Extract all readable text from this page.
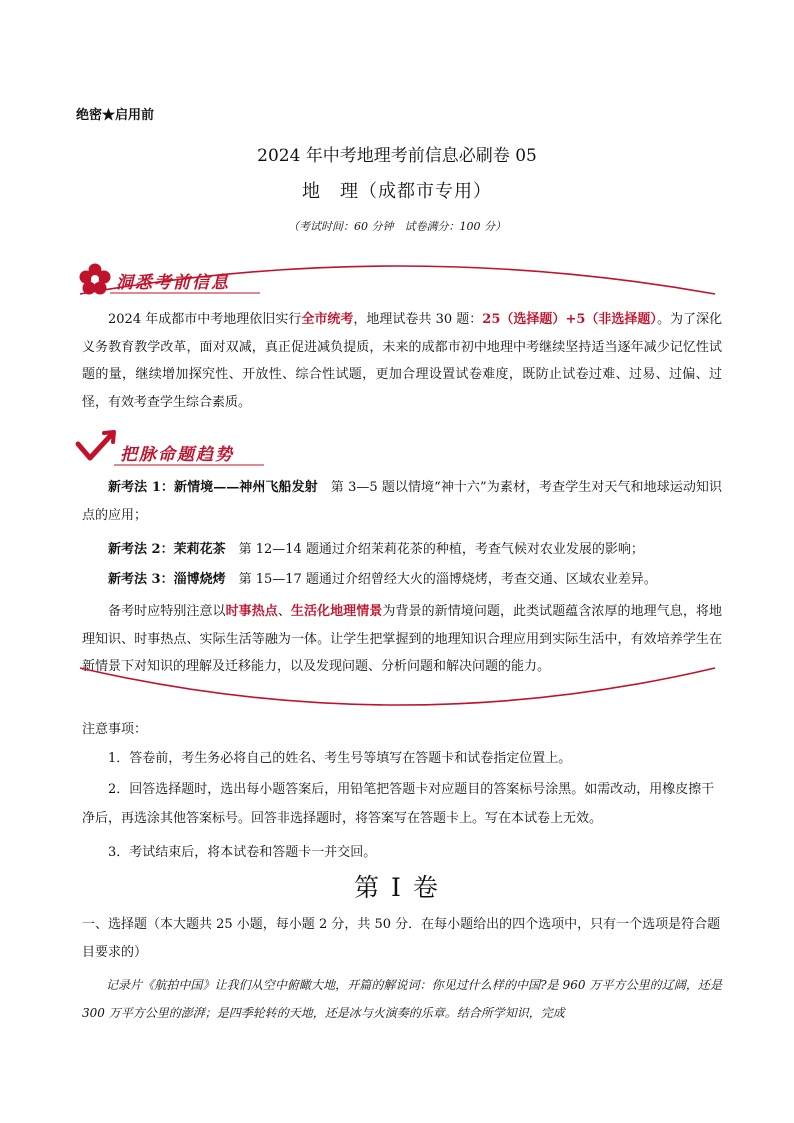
绝密★启用前
2024 年中考地理考前信息必刷卷 05
地　理（成都市专用）
（考试时间：60 分钟　试卷满分：100 分）
洞悉考前信息
2024 年成都市中考地理依旧实行全市统考，地理试卷共 30 题：25（选择题）+5（非选择题）。为了深化义务教育教学改革，面对双减，真正促进减负提质，未来的成都市初中地理中考继续坚持适当逐年减少记忆性试题的量，继续增加探究性、开放性、综合性试题，更加合理设置试卷难度，既防止试卷过难、过易、过偏、过怪，有效考查学生综合素质。
把脉命题趋势
新考法 1：新情境——神州飞船发射　第 3—5 题以情境“神十六”为素材，考查学生对天气和地球运动知识点的应用；
新考法 2：茉莉花茶　第 12—14 题通过介绍茉莉花茶的种植，考查气候对农业发展的影响；
新考法 3：淄博烧烤　第 15—17 题通过介绍曾经大火的淄博烧烤，考查交通、区域农业差异。
备考时应特别注意以时事热点、生活化地理情景为背景的新情境问题，此类试题蕴含浓厚的地理气息，将地理知识、时事热点、实际生活等融为一体。让学生把掌握到的地理知识合理应用到实际生活中，有效培养学生在新情景下对知识的理解及迁移能力，以及发现问题、分析问题和解决问题的能力。
注意事项：
1．答卷前，考生务必将自己的姓名、考生号等填写在答题卡和试卷指定位置上。
2．回答选择题时，选出每小题答案后，用铅笔把答题卡对应题目的答案标号涂黑。如需改动，用橡皮擦干净后，再选涂其他答案标号。回答非选择题时，将答案写在答题卡上。写在本试卷上无效。
3．考试结束后，将本试卷和答题卡一并交回。
第 I 卷
一、选择题（本大题共 25 小题，每小题 2 分，共 50 分．在每小题给出的四个选项中，只有一个选项是符合题目要求的）
记录片《航拍中国》让我们从空中俯瞰大地，开篇的解说词：你见过什么样的中国?是 960 万平方公里的辽阔，还是 300 万平方公里的澎湃；是四季轮转的天地，还是冰与火演奏的乐章。结合所学知识，完成
